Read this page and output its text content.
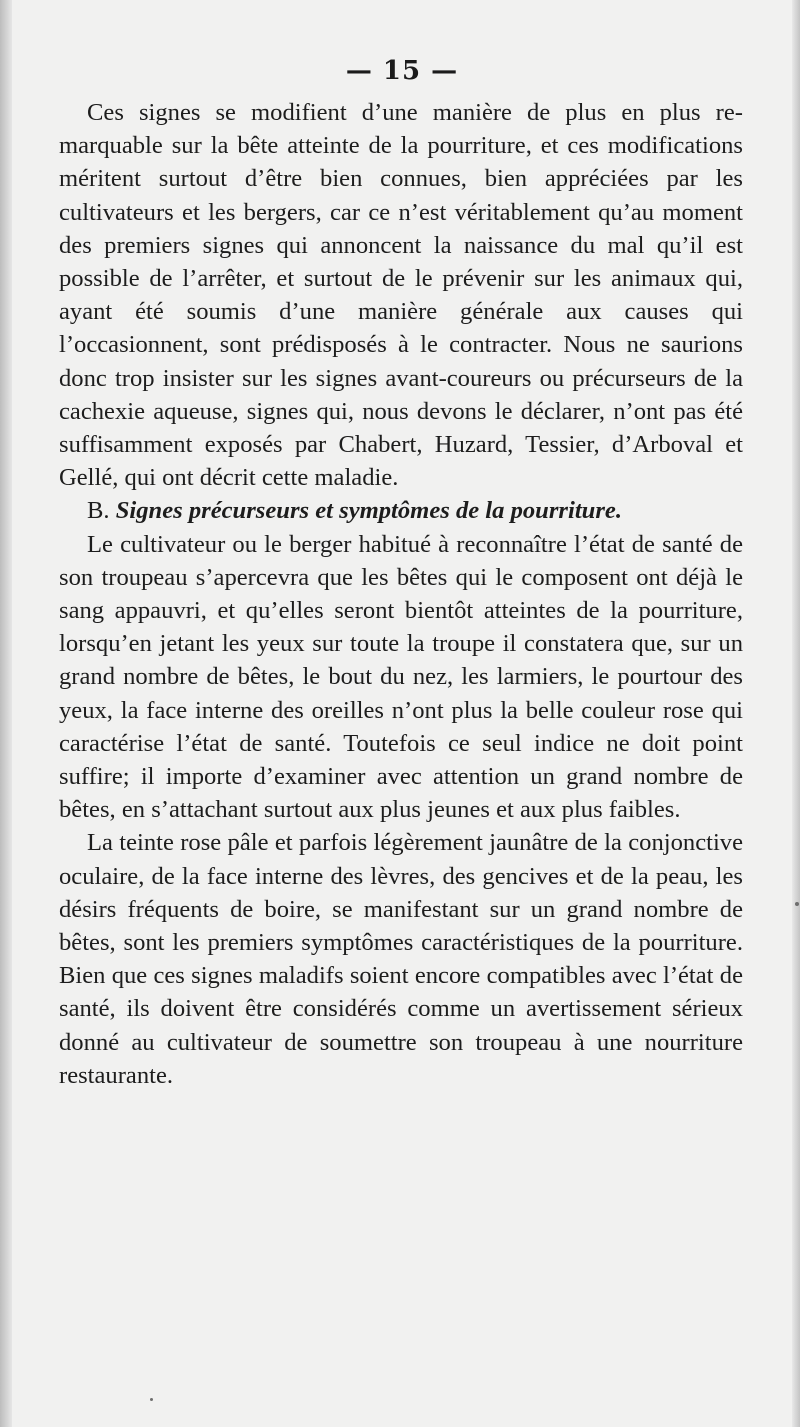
— 15 —

Ces signes se modifient d’une manière de plus en plus remarquable sur la bête atteinte de la pourriture, et ces modifications méritent surtout d’être bien connues, bien appréciées par les cultivateurs et les bergers, car ce n’est véritablement qu’au moment des premiers signes qui annoncent la naissance du mal qu’il est possible de l’arrêter, et surtout de le prévenir sur les animaux qui, ayant été soumis d’une manière générale aux causes qui l’occasionnent, sont prédisposés à le contracter. Nous ne saurions donc trop insister sur les signes avant-coureurs ou précurseurs de la cachexie aqueuse, signes qui, nous devons le déclarer, n’ont pas été suffisamment exposés par Chabert, Huzard, Tessier, d’Arboval et Gellé, qui ont décrit cette maladie.

B. Signes précurseurs et symptômes de la pourriture.

Le cultivateur ou le berger habitué à reconnaître l’état de santé de son troupeau s’apercevra que les bêtes qui le composent ont déjà le sang appauvri, et qu’elles seront bientôt atteintes de la pourriture, lorsqu’en jetant les yeux sur toute la troupe il constatera que, sur un grand nombre de bêtes, le bout du nez, les larmiers, le pourtour des yeux, la face interne des oreilles n’ont plus la belle couleur rose qui caractérise l’état de santé. Toutefois ce seul indice ne doit point suffire; il importe d’examiner avec attention un grand nombre de bêtes, en s’attachant surtout aux plus jeunes et aux plus faibles.

La teinte rose pâle et parfois légèrement jaunâtre de la conjonctive oculaire, de la face interne des lèvres, des gencives et de la peau, les désirs fréquents de boire, se manifestant sur un grand nombre de bêtes, sont les premiers symptômes caractéristiques de la pourriture. Bien que ces signes maladifs soient encore compatibles avec l’état de santé, ils doivent être considérés comme un avertissement sérieux donné au cultivateur de soumettre son troupeau à une nourriture restaurante.
